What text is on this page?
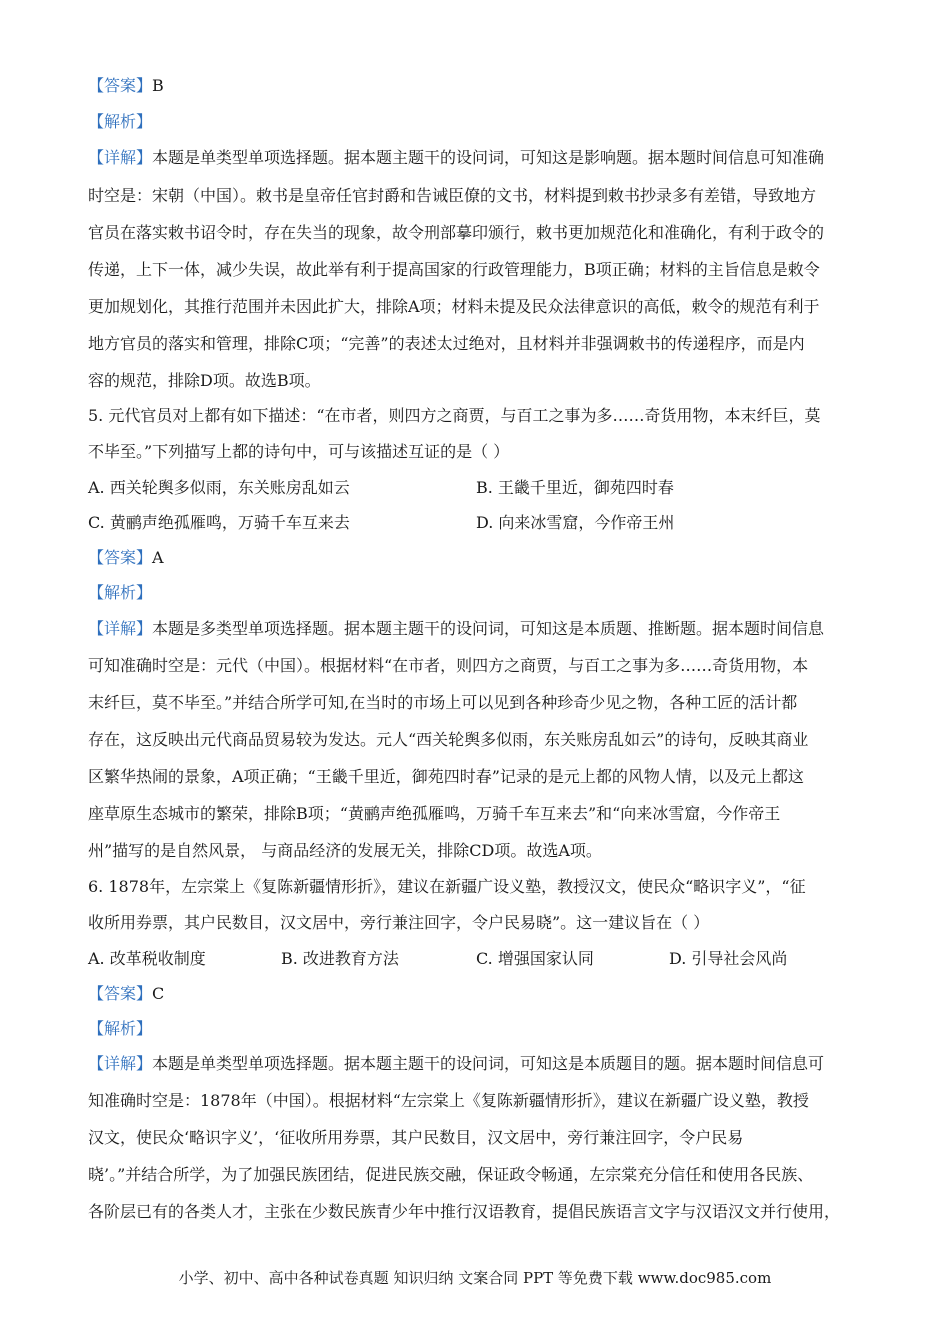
【答案】B
【解析】
【详解】本题是单类型单项选择题。据本题主题干的设问词，可知这是影响题。据本题时间信息可知准确
时空是：宋朝（中国）。敕书是皇帝任官封爵和告诫臣僚的文书，材料提到敕书抄录多有差错，导致地方
官员在落实敕书诏令时，存在失当的现象，故令刑部摹印颁行，敕书更加规范化和准确化，有利于政令的
传递，上下一体，减少失误，故此举有利于提高国家的行政管理能力，B项正确；材料的主旨信息是敕令
更加规划化，其推行范围并未因此扩大，排除A项；材料未提及民众法律意识的高低，敕令的规范有利于
地方官员的落实和管理，排除C项；“完善”的表述太过绝对，且材料并非强调敕书的传递程序，而是内
容的规范，排除D项。故选B项。
5. 元代官员对上都有如下描述：“在市者，则四方之商贾，与百工之事为多……奇货用物，本末纤巨，莫
不毕至。”下列描写上都的诗句中，可与该描述互证的是（ ）
A. 西关轮舆多似雨，东关账房乱如云	B. 王畿千里近，御苑四时春
C. 黄鹂声绝孤雁鸣，万骑千车互来去	D. 向来冰雪窟，今作帝王州
【答案】A
【解析】
【详解】本题是多类型单项选择题。据本题主题干的设问词，可知这是本质题、推断题。据本题时间信息
可知准确时空是：元代（中国）。根据材料“在市者，则四方之商贾，与百工之事为多……奇货用物，本
末纤巨，莫不毕至。”并结合所学可知,在当时的市场上可以见到各种珍奇少见之物，各种工匠的活计都
存在，这反映出元代商品贸易较为发达。元人“西关轮舆多似雨，东关账房乱如云”的诗句，反映其商业
区繁华热闹的景象，A项正确；“王畿千里近，御苑四时春”记录的是元上都的风物人情，以及元上都这
座草原生态城市的繁荣，排除B项；“黄鹂声绝孤雁鸣，万骑千车互来去”和“向来冰雪窟，今作帝王
州”描写的是自然风景， 与商品经济的发展无关，排除CD项。故选A项。
6. 1878年，左宗棠上《复陈新疆情形折》，建议在新疆广设义塾，教授汉文，使民众“略识字义”，“征
收所用券票，其户民数目，汉文居中，旁行兼注回字，令户民易晓”。这一建议旨在（ ）
A. 改革税收制度	B. 改进教育方法	C. 增强国家认同	D. 引导社会风尚
【答案】C
【解析】
【详解】本题是单类型单项选择题。据本题主题干的设问词，可知这是本质题目的题。据本题时间信息可
知准确时空是：1878年（中国）。根据材料“左宗棠上《复陈新疆情形折》，建议在新疆广设义塾，教授
汉文，使民众‘略识字义’，‘征收所用券票，其户民数目，汉文居中，旁行兼注回字，令户民易
晓’。”并结合所学，为了加强民族团结，促进民族交融，保证政令畅通，左宗棠充分信任和使用各民族、
各阶层已有的各类人才，主张在少数民族青少年中推行汉语教育，提倡民族语言文字与汉语汉文并行使用，
小学、初中、高中各种试卷真题 知识归纳 文案合同 PPT 等免费下载 www.doc985.com
